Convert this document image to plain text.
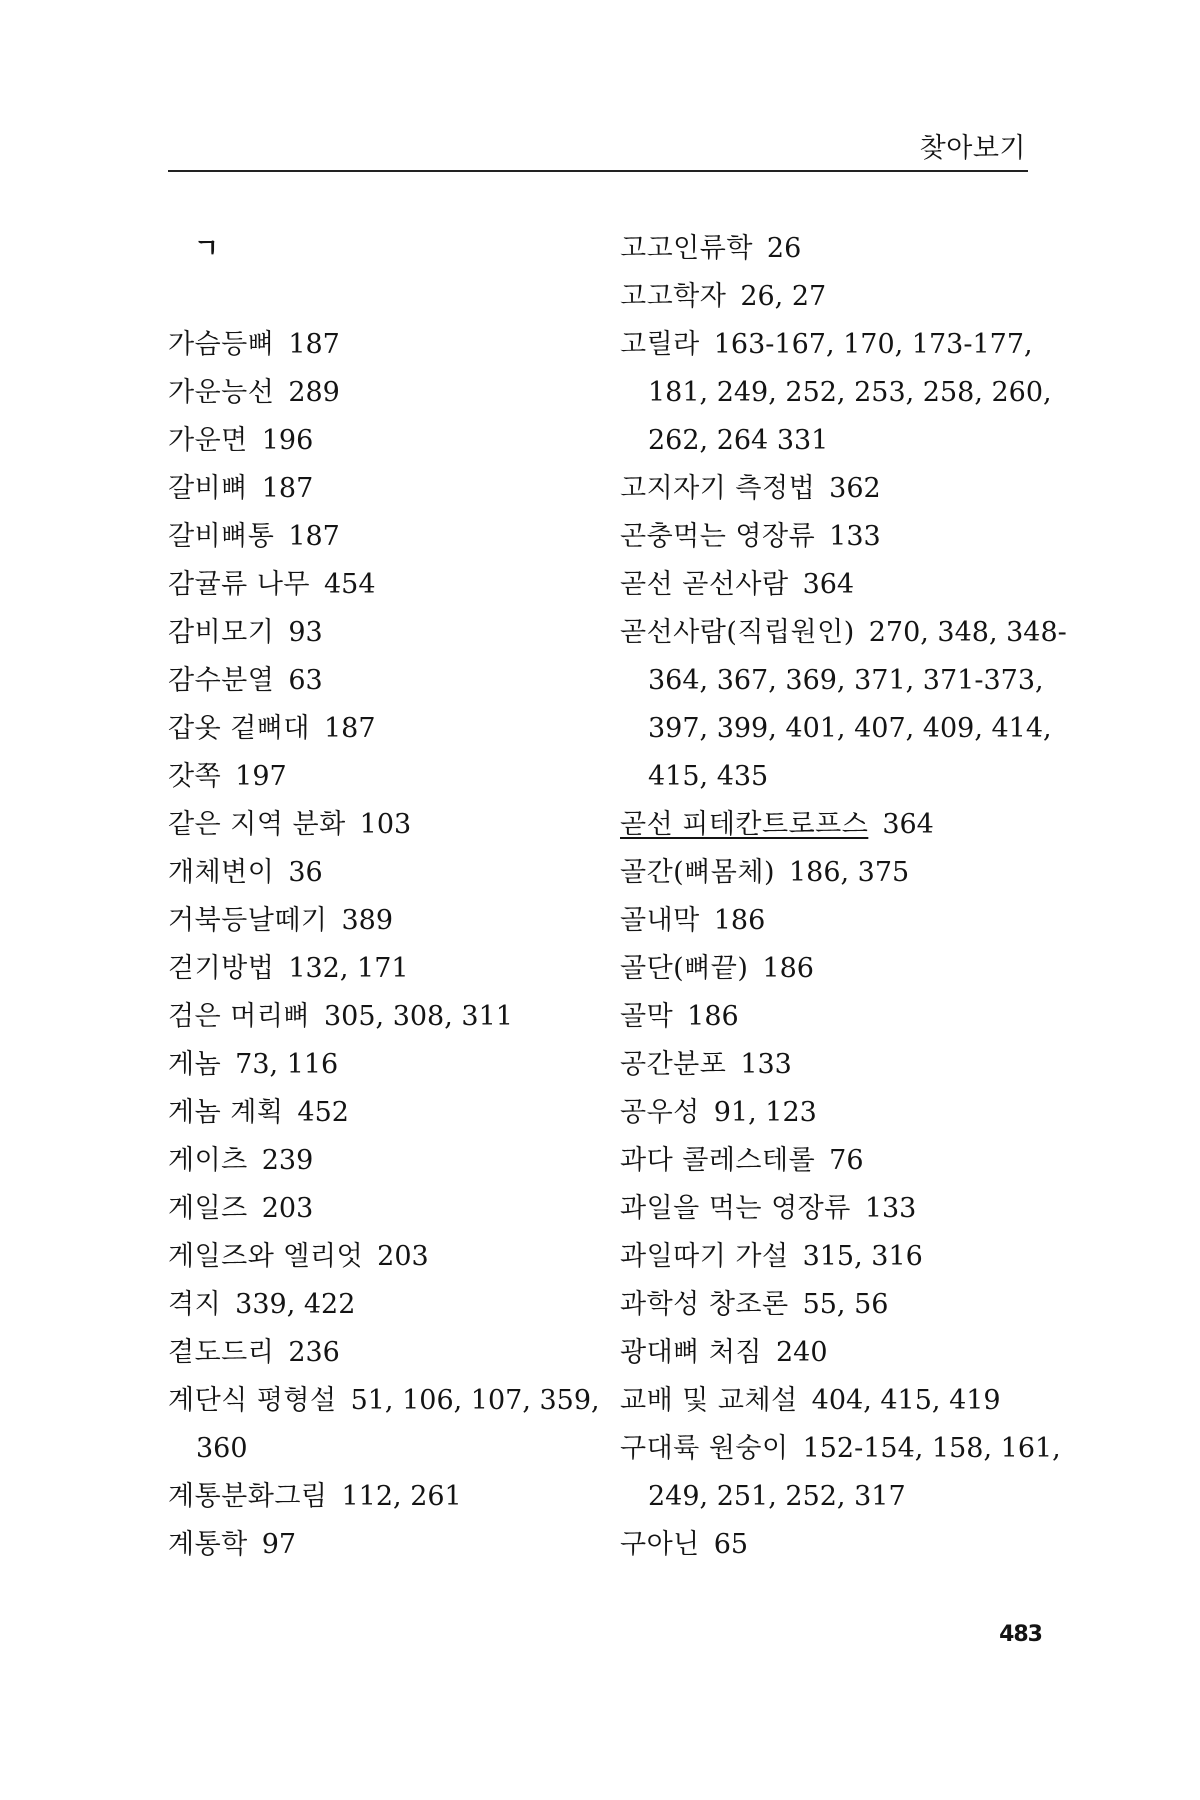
찾아보기
ㄱ
가슴등뼈 187
가운능선 289
가운면 196
갈비뼈 187
갈비뼈통 187
감귤류 나무 454
감비모기 93
감수분열 63
갑옷 겉뼈대 187
갓쪽 197
같은 지역 분화 103
개체변이 36
거북등날떼기 389
걷기방법 132, 171
검은 머리뼈 305, 308, 311
게놈 73, 116
게놈 계획 452
게이츠 239
게일즈 203
게일즈와 엘리엇 203
격지 339, 422
곁도드리 236
계단식 평형설 51, 106, 107, 359,
360
계통분화그림 112, 261
계통학 97
고고인류학 26
고고학자 26, 27
고릴라 163-167, 170, 173-177,
181, 249, 252, 253, 258, 260,
262, 264 331
고지자기 측정법 362
곤충먹는 영장류 133
곧선 곧선사람 364
곧선사람(직립원인) 270, 348, 348-
364, 367, 369, 371, 371-373,
397, 399, 401, 407, 409, 414,
415, 435
곧선 피테칸트로프스 364
골간(뼈몸체) 186, 375
골내막 186
골단(뼈끝) 186
골막 186
공간분포 133
공우성 91, 123
과다 콜레스테롤 76
과일을 먹는 영장류 133
과일따기 가설 315, 316
과학성 창조론 55, 56
광대뼈 처짐 240
교배 및 교체설 404, 415, 419
구대륙 원숭이 152-154, 158, 161,
249, 251, 252, 317
구아닌 65
483
